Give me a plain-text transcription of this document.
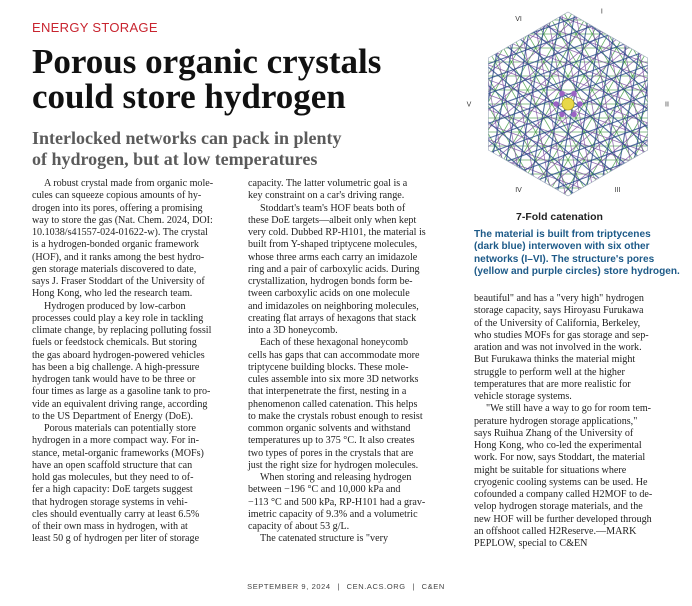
ENERGY STORAGE
Porous organic crystals
could store hydrogen
Interlocked networks can pack in plenty
of hydrogen, but at low temperatures
A robust crystal made from organic mole-
cules can squeeze copious amounts of hy-
drogen into its pores, offering a promising
way to store the gas (Nat. Chem. 2024, DOI:
10.1038/s41557-024-01622-w). The crystal
is a hydrogen-bonded organic framework
(HOF), and it ranks among the best hydro-
gen storage materials discovered to date,
says J. Fraser Stoddart of the University of
Hong Kong, who led the research team.
Hydrogen produced by low-carbon
processes could play a key role in tackling
climate change, by replacing polluting fossil
fuels or feedstock chemicals. But storing
the gas aboard hydrogen-powered vehicles
has been a big challenge. A high-pressure
hydrogen tank would have to be three or
four times as large as a gasoline tank to pro-
vide an equivalent driving range, according
to the US Department of Energy (DoE).
Porous materials can potentially store
hydrogen in a more compact way. For in-
stance, metal-organic frameworks (MOFs)
have an open scaffold structure that can
hold gas molecules, but they need to of-
fer a high capacity: DoE targets suggest
that hydrogen storage systems in vehi-
cles should eventually carry at least 6.5%
of their own mass in hydrogen, with at
least 50 g of hydrogen per liter of storage
capacity. The latter volumetric goal is a
key constraint on a car's driving range.
Stoddart's team's HOF beats both of
these DoE targets—albeit only when kept
very cold. Dubbed RP-H101, the material is
built from Y-shaped triptycene molecules,
whose three arms each carry an imidazole
ring and a pair of carboxylic acids. During
crystallization, hydrogen bonds form be-
tween carboxylic acids on one molecule
and imidazoles on neighboring molecules,
creating flat arrays of hexagons that stack
into a 3D honeycomb.
Each of these hexagonal honeycomb
cells has gaps that can accommodate more
triptycene building blocks. These mole-
cules assemble into six more 3D networks
that interpenetrate the first, nesting in a
phenomenon called catenation. This helps
to make the crystals robust enough to resist
common organic solvents and withstand
temperatures up to 375 °C. It also creates
two types of pores in the crystals that are
just the right size for hydrogen molecules.
When storing and releasing hydrogen
between −196 °C and 10,000 kPa and
−113 °C and 500 kPa, RP-H101 had a grav-
imetric capacity of 9.3% and a volumetric
capacity of about 53 g/L.
The catenated structure is "very
beautiful" and has a "very high" hydrogen
storage capacity, says Hiroyasu Furukawa
of the University of California, Berkeley,
who studies MOFs for gas storage and sep-
aration and was not involved in the work.
But Furukawa thinks the material might
struggle to perform well at the higher
temperatures that are more realistic for
vehicle storage systems.
"We still have a way to go for room tem-
perature hydrogen storage applications,"
says Ruihua Zhang of the University of
Hong Kong, who co-led the experimental
work. For now, says Stoddart, the material
might be suitable for situations where
cryogenic cooling systems can be used. He
cofounded a company called H2MOF to de-
velop hydrogen storage materials, and the
new HOF will be further developed through
an offshoot called H2Reserve.—MARK
PEPLOW, special to C&EN
I
II
III
IV
V
VI
7-Fold catenation
The material is built from triptycenes
(dark blue) interwoven with six other
networks (I–VI). The structure's pores
(yellow and purple circles) store hydrogen.
SEPTEMBER 9, 2024 | CEN.ACS.ORG | C&EN
